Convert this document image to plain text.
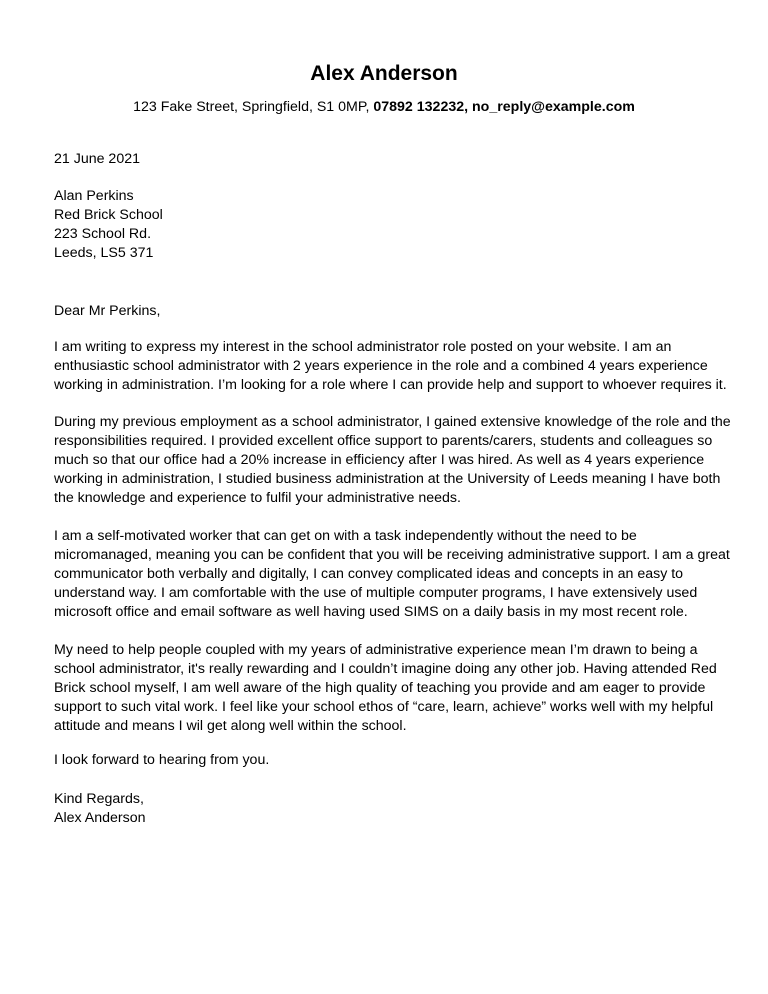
Alex Anderson
123 Fake Street, Springfield, S1 0MP, 07892 132232, no_reply@example.com
21 June 2021
Alan Perkins
Red Brick School
223 School Rd.
Leeds, LS5 371
Dear Mr Perkins,
I am writing to express my interest in the school administrator role posted on your website. I am an
enthusiastic school administrator with 2 years experience in the role and a combined 4 years experience
working in administration. I’m looking for a role where I can provide help and support to whoever requires it.
During my previous employment as a school administrator, I gained extensive knowledge of the role and the
responsibilities required. I provided excellent office support to parents/carers, students and colleagues so
much so that our office had a 20% increase in efficiency after I was hired. As well as 4 years experience
working in administration, I studied business administration at the University of Leeds meaning I have both
the knowledge and experience to fulfil your administrative needs.
I am a self-motivated worker that can get on with a task independently without the need to be
micromanaged, meaning you can be confident that you will be receiving administrative support. I am a great
communicator both verbally and digitally, I can convey complicated ideas and concepts in an easy to
understand way. I am comfortable with the use of multiple computer programs, I have extensively used
microsoft office and email software as well having used SIMS on a daily basis in my most recent role.
My need to help people coupled with my years of administrative experience mean I’m drawn to being a
school administrator, it's really rewarding and I couldn’t imagine doing any other job. Having attended Red
Brick school myself, I am well aware of the high quality of teaching you provide and am eager to provide
support to such vital work. I feel like your school ethos of “care, learn, achieve” works well with my helpful
attitude and means I wil get along well within the school.
I look forward to hearing from you.
Kind Regards,
Alex Anderson
